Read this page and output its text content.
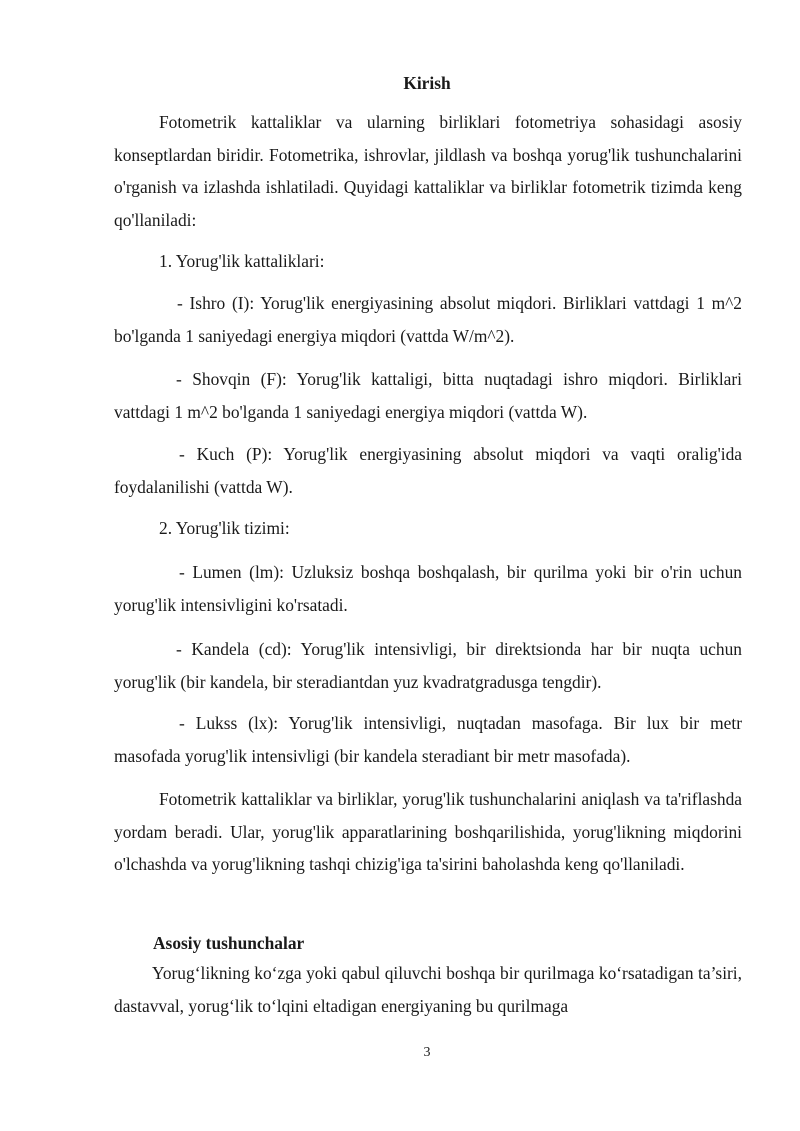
Kirish

Fotometrik kattaliklar va ularning birliklari fotometriya sohasidagi asosiy konseptlardan biridir. Fotometrika, ishrovlar, jildlash va boshqa yorug'lik tushunchalarini o'rganish va izlashda ishlatiladi. Quyidagi kattaliklar va birliklar fotometrik tizimda keng qo'llaniladi:

1. Yorug'lik kattaliklari:

- Ishro (I): Yorug'lik energiyasining absolut miqdori. Birliklari vattdagi 1 m^2 bo'lganda 1 saniyedagi energiya miqdori (vattda W/m^2).

- Shovqin (F): Yorug'lik kattaligi, bitta nuqtadagi ishro miqdori. Birliklari vattdagi 1 m^2 bo'lganda 1 saniyedagi energiya miqdori (vattda W).

- Kuch (P): Yorug'lik energiyasining absolut miqdori va vaqti oralig'ida foydalanilishi (vattda W).

2. Yorug'lik tizimi:

- Lumen (lm): Uzluksiz boshqa boshqalash, bir qurilma yoki bir o'rin uchun yorug'lik intensivligini ko'rsatadi.

- Kandela (cd): Yorug'lik intensivligi, bir direktsionda har bir nuqta uchun yorug'lik (bir kandela, bir steradiantdan yuz kvadratgradusga tengdir).

- Lukss (lx): Yorug'lik intensivligi, nuqtadan masofaga. Bir lux bir metr masofada yorug'lik intensivligi (bir kandela steradiant bir metr masofada).

Fotometrik kattaliklar va birliklar, yorug'lik tushunchalarini aniqlash va ta'riflashda yordam beradi. Ular, yorug'lik apparatlarining boshqarilishida, yorug'likning miqdorini o'lchashda va yorug'likning tashqi chizig'iga ta'sirini baholashda keng qo'llaniladi.

Asosiy tushunchalar

Yorug‘likning ko‘zga yoki qabul qiluvchi boshqa bir qurilmaga ko‘rsatadigan ta’siri, dastavval, yorug‘lik to‘lqini eltadigan energiyaning bu qurilmaga

3
